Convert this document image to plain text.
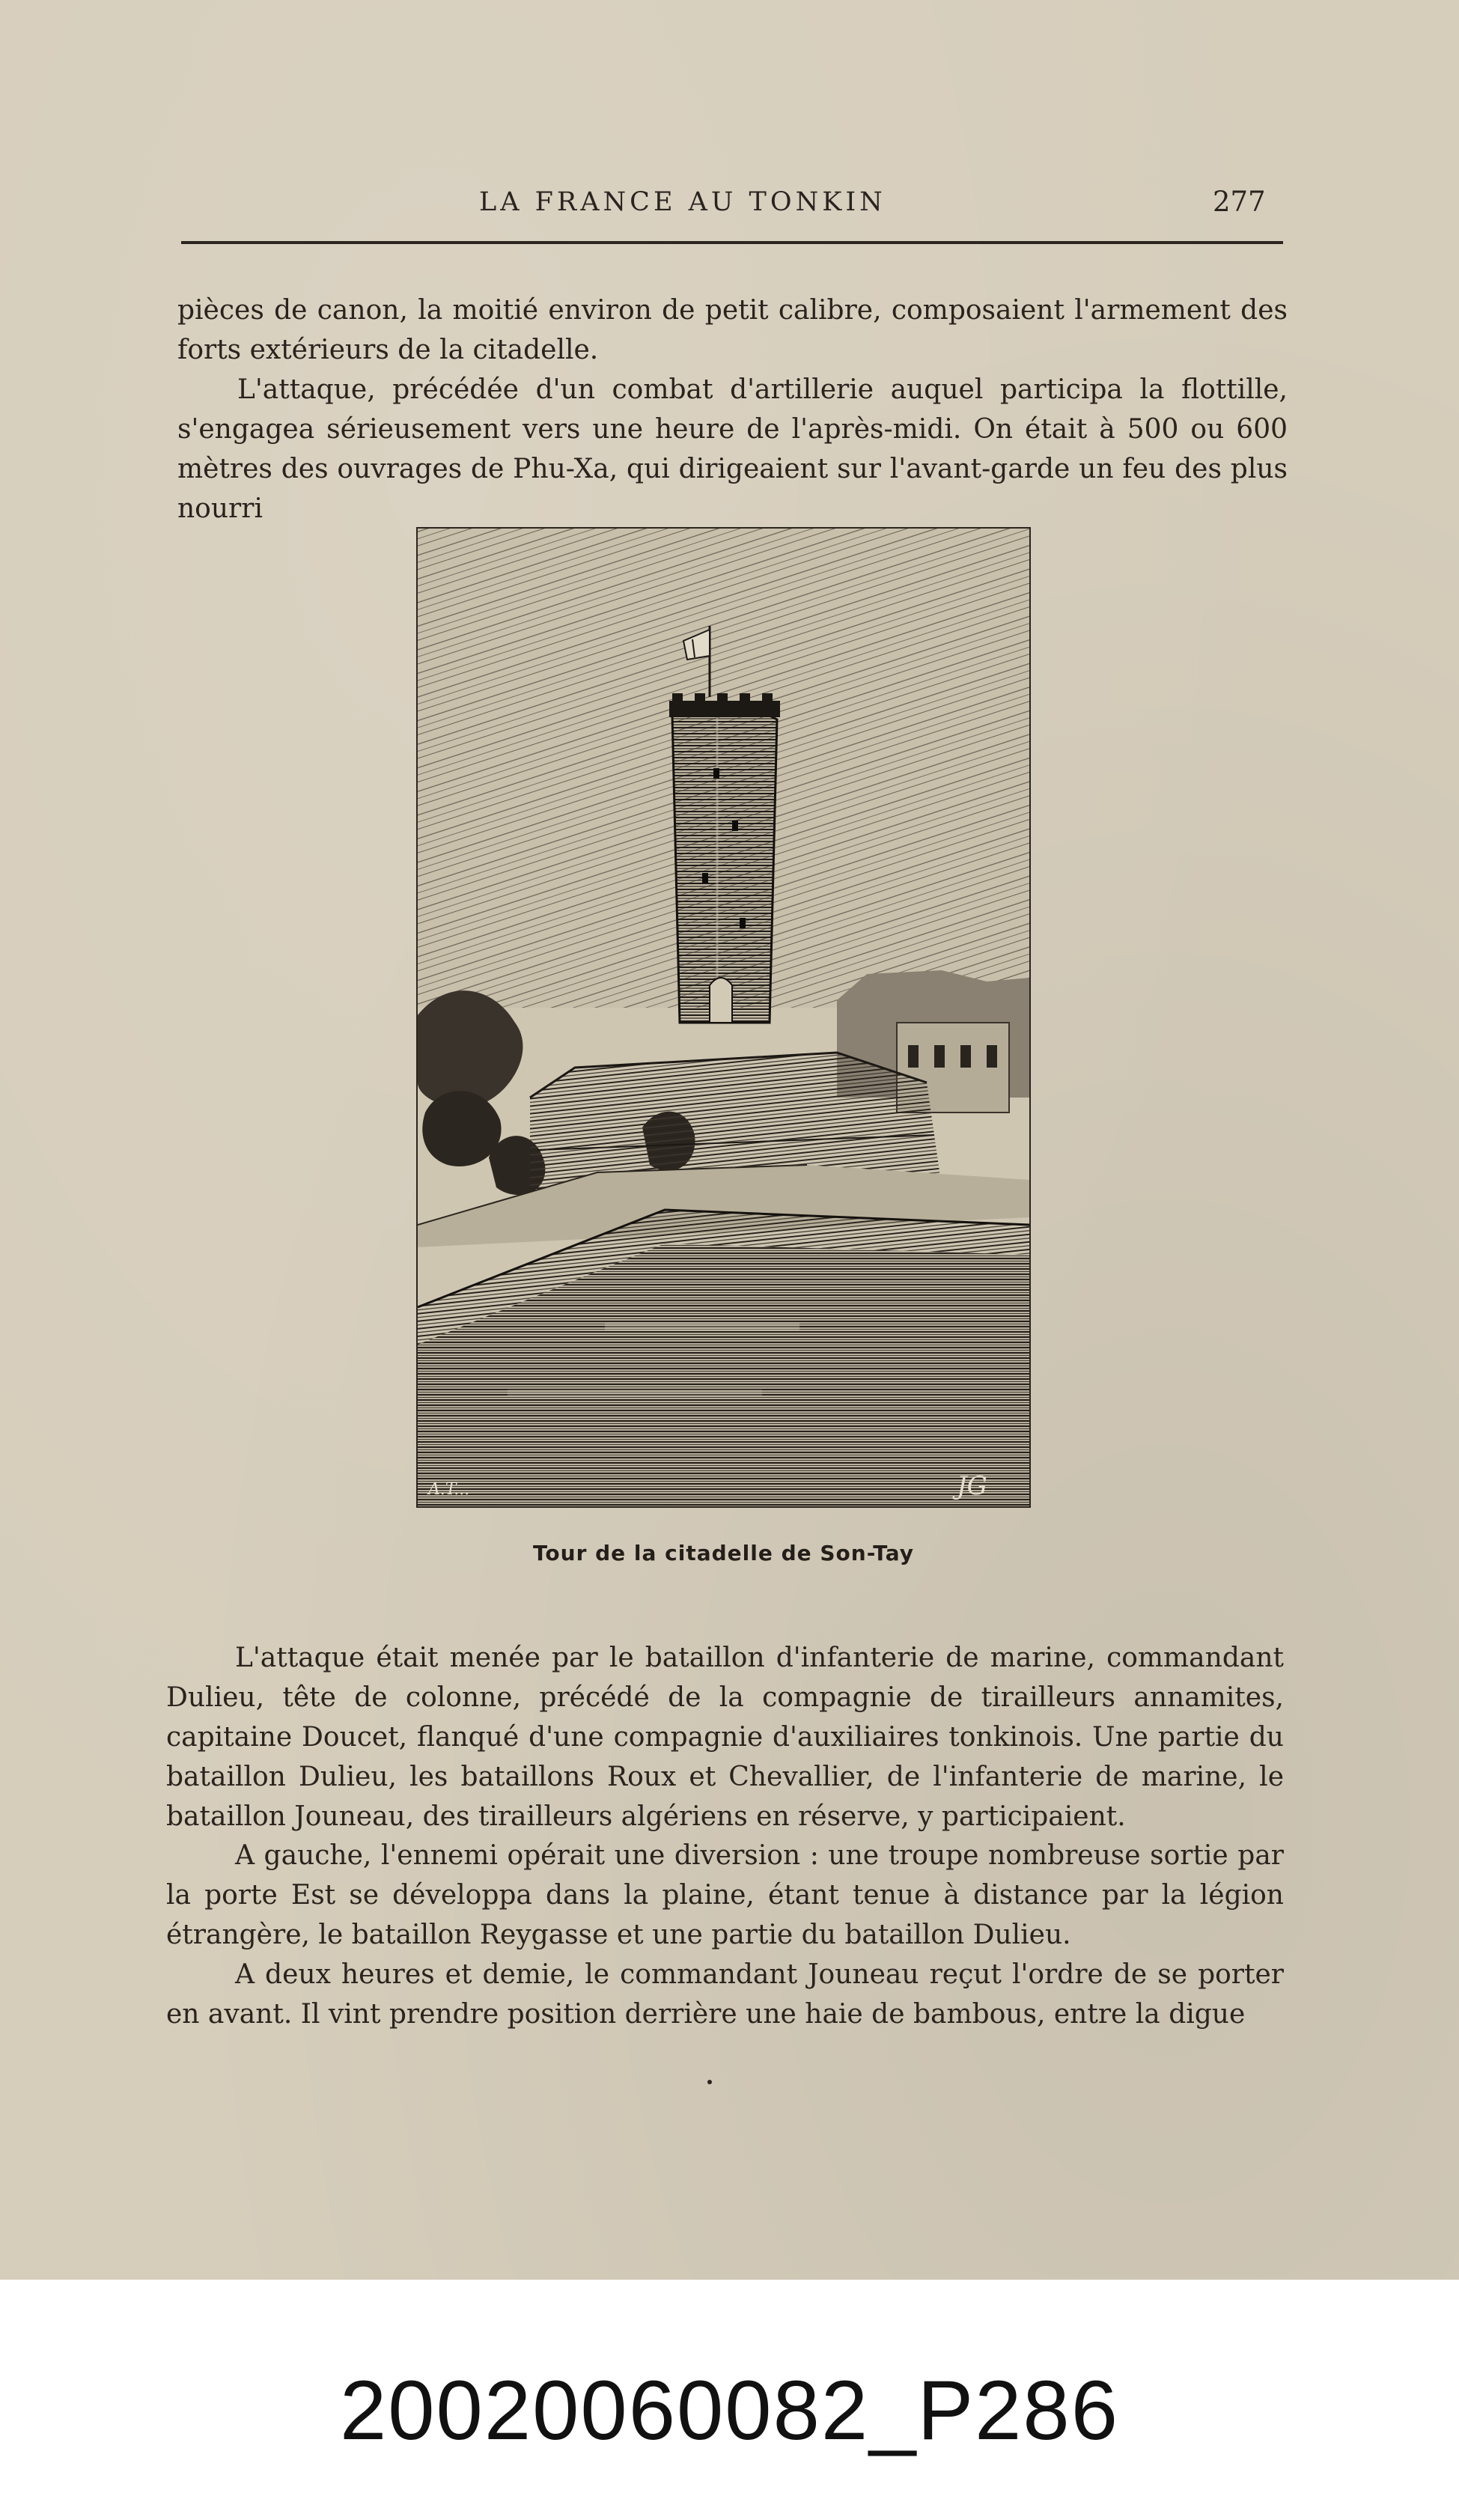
LA FRANCE AU TONKIN	277

pièces de canon, la moitié environ de petit calibre, composaient l'armement des forts extérieurs de la citadelle.

L'attaque, précédée d'un combat d'artillerie auquel participa la flottille, s'engagea sérieusement vers une heure de l'après-midi. On était à 500 ou 600 mètres des ouvrages de Phu-Xa, qui dirigeaient sur l'avant-garde un feu des plus nourri

A.T...	JG
Tour de la citadelle de Son-Tay

L'attaque était menée par le bataillon d'infanterie de marine, commandant Dulieu, tête de colonne, précédé de la compagnie de tirailleurs annamites, capitaine Doucet, flanqué d'une compagnie d'auxiliaires tonkinois. Une partie du bataillon Dulieu, les bataillons Roux et Chevallier, de l'infanterie de marine, le bataillon Jouneau, des tirailleurs algériens en réserve, y participaient.

A gauche, l'ennemi opérait une diversion : une troupe nombreuse sortie par la porte Est se développa dans la plaine, étant tenue à distance par la légion étrangère, le bataillon Reygasse et une partie du bataillon Dulieu.

A deux heures et demie, le commandant Jouneau reçut l'ordre de se porter en avant. Il vint prendre position derrière une haie de bambous, entre la digue

20020060082_P286
